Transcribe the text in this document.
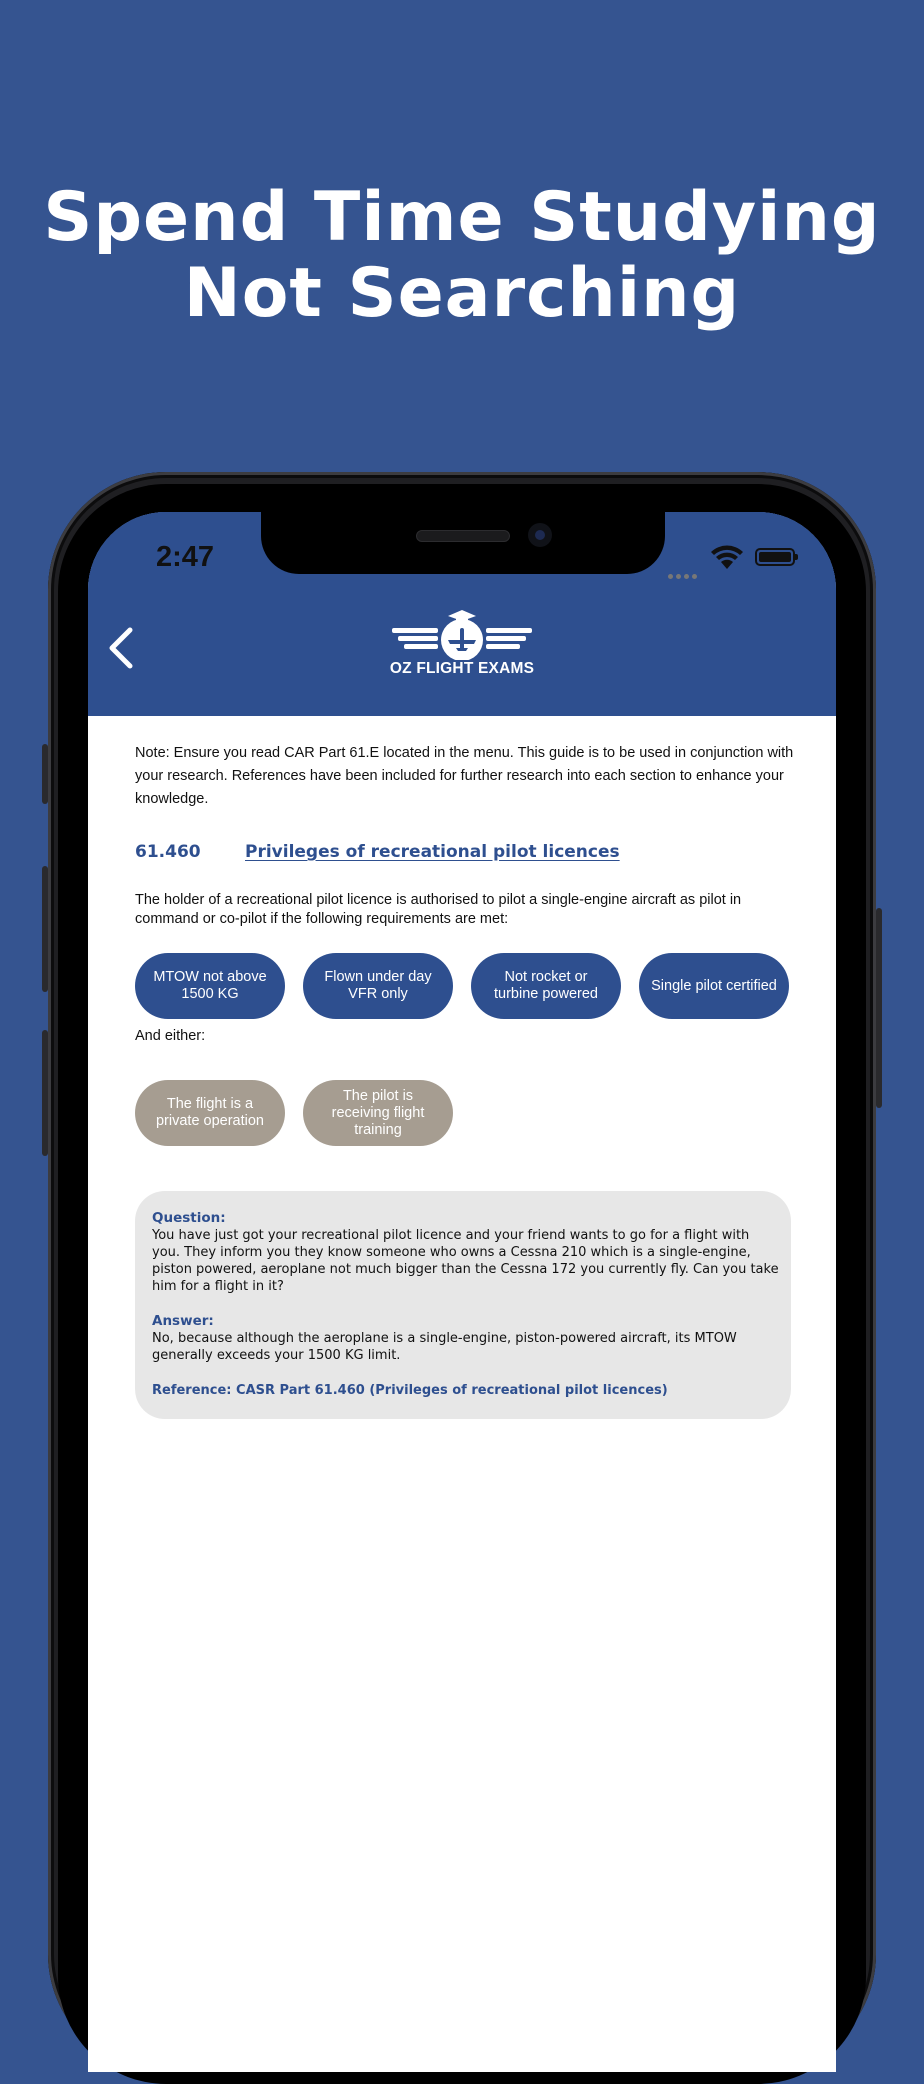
Spend Time Studying
Not Searching
2:47
OZ FLIGHT EXAMS

Note: Ensure you read CAR Part 61.E located in the menu. This guide is to be used in conjunction with your research. References have been included for further research into each section to enhance your knowledge.

61.460	Privileges of recreational pilot licences

The holder of a recreational pilot licence is authorised to pilot a single-engine aircraft as pilot in command or co-pilot if the following requirements are met:

MTOW not above 1500 KG
Flown under day VFR only
Not rocket or turbine powered
Single pilot certified
And either:
The flight is a private operation
The pilot is receiving flight training
Question:
You have just got your recreational pilot licence and your friend wants to go for a flight with you. They inform you they know someone who owns a Cessna 210 which is a single-engine, piston powered, aeroplane not much bigger than the Cessna 172 you currently fly. Can you take him for a flight in it?
Answer:
No, because although the aeroplane is a single-engine, piston-powered aircraft, its MTOW generally exceeds your 1500 KG limit.
Reference: CASR Part 61.460 (Privileges of recreational pilot licences)
